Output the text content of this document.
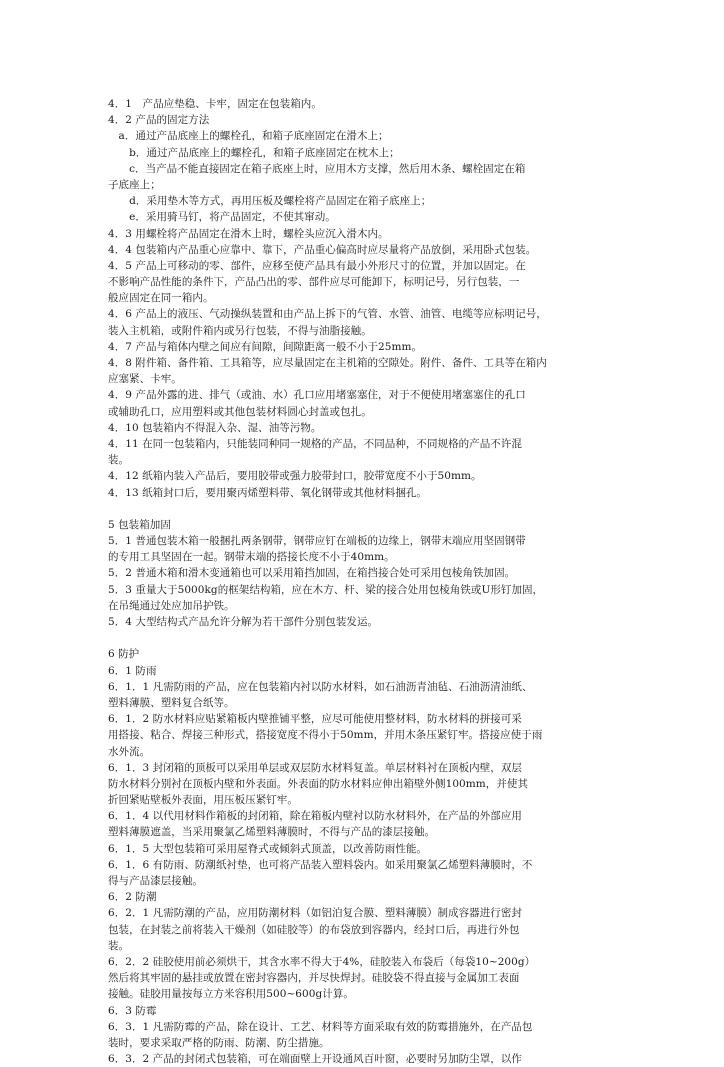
4．1　产品应垫稳、卡牢，固定在包装箱内。
4．2 产品的固定方法
　a．通过产品底座上的螺栓孔，和箱子底座固定在滑木上；
　　b．通过产品底座上的螺栓孔，和箱子底座固定在枕木上；
　　c．当产品不能直接固定在箱子底座上时，应用木方支撑，然后用木条、螺栓固定在箱
子底座上；
　　d．采用垫木等方式，再用压板及螺栓将产品固定在箱子底座上；
　　e．采用骑马钉，将产品固定，不使其窜动。
4．3 用螺栓将产品固定在滑木上时，螺栓头应沉入滑木内。
4．4 包装箱内产品重心应靠中、靠下，产品重心偏高时应尽量将产品放倒，采用卧式包装。
4．5 产品上可移动的零、部件，应移至使产品具有最小外形尺寸的位置，并加以固定。在
不影响产品性能的条件下，产品凸出的零、部件应尽可能卸下，标明记号，另行包装，一
般应固定在同一箱内。
4．6 产品上的液压、气动操纵装置和由产品上拆下的气管、水管、油管、电缆等应标明记号，
装入主机箱，或附件箱内或另行包装，不得与油脂接触。
4．7 产品与箱体内壁之间应有间隙，间隙距离一般不小于25mm。
4．8 附件箱、备件箱、工具箱等，应尽量固定在主机箱的空隙处。附件、备件、工具等在箱内
应塞紧、卡牢。
4．9 产品外露的进、排气（或油、水）孔口应用堵塞塞住，对于不便使用堵塞塞住的孔口
或辅助孔口，应用塑料或其他包装材料圆心封盖或包扎。
4．10 包装箱内不得混入杂、湿、油等污物。
4．11 在同一包装箱内，只能装同种同一规格的产品，不同品种，不同规格的产品不许混
装。
4．12 纸箱内装入产品后，要用胶带或强力胶带封口，胶带宽度不小于50mm。
4．13 纸箱封口后，要用聚丙烯塑料带、氧化钢带或其他材料捆孔。
5 包装箱加固
5．1 普通包装木箱一般捆扎两条钢带，钢带应钉在端板的边缘上，钢带末端应用坚固钢带
的专用工具坚固在一起。钢带末端的搭接长度不小于40mm。
5．2 普通木箱和滑木变通箱也可以采用箱挡加固，在箱挡接合处可采用包棱角铁加固。
5．3 重量大于5000kg的框架结构箱，应在木方、杆、梁的接合处用包棱角铁或U形钉加固，
在吊绳通过处应加吊护铁。
5．4 大型结构式产品允许分解为若干部件分别包装发运。
6 防护
6．1 防雨
6．1．1 凡需防雨的产品，应在包装箱内衬以防水材料，如石油沥青油毡、石油沥清油纸、
塑料薄膜、塑料复合纸等。
6．1．2 防水材料应贴紧箱板内壁推铺平整，应尽可能使用整材料，防水材料的拼接可采
用搭接、粘合、焊接三种形式，搭接宽度不得小于50mm，并用木条压紧钉牢。搭接应使于雨
水外流。
6．1．3 封闭箱的顶板可以采用单层或双层防水材料复盖。单层材料衬在顶板内壁，双层
防水材料分别衬在顶板内壁和外表面。外表面的防水材料应伸出箱壁外侧100mm，并使其
折回紧贴壁板外表面，用压板压紧钉牢。
6．1．4 以代用材料作箱板的封闭箱，除在箱板内壁衬以防水材料外，在产品的外部应用
塑料薄膜遮盖，当采用聚氯乙烯塑料薄膜时，不得与产品的漆层接触。
6．1．5 大型包装箱可采用屋脊式或倾斜式顶盖，以改善防雨性能。
6．1．6 有防雨、防潮纸衬垫，也可将产品装入塑料袋内。如采用聚氯乙烯塑料薄膜时，不
得与产品漆层接触。
6．2 防潮
6．2．1 凡需防潮的产品，应用防潮材料（如铝泊复合膜、塑料薄膜）制成容器进行密封
包装，在封装之前将装入干燥剂（如硅胶等）的布袋放到容器内，经封口后，再进行外包
装。
6．2．2 硅胶使用前必须烘干，其含水率不得大于4%，硅胶装入布袋后（每袋10~200g）
然后将其牢固的悬挂或放置在密封容器内，并尽快焊封。硅胶袋不得直接与金属加工表面
接触。硅胶用量按每立方米容积用500~600g计算。
6．3 防霉
6．3．1 凡需防霉的产品，除在设计、工艺、材料等方面采取有效的防霉措施外，在产品包
装时，要求采取严格的防雨、防潮、防尘措施。
6．3．2 产品的封闭式包装箱，可在端面壁上开设通风百叶窗，必要时另加防尘罩，以作
